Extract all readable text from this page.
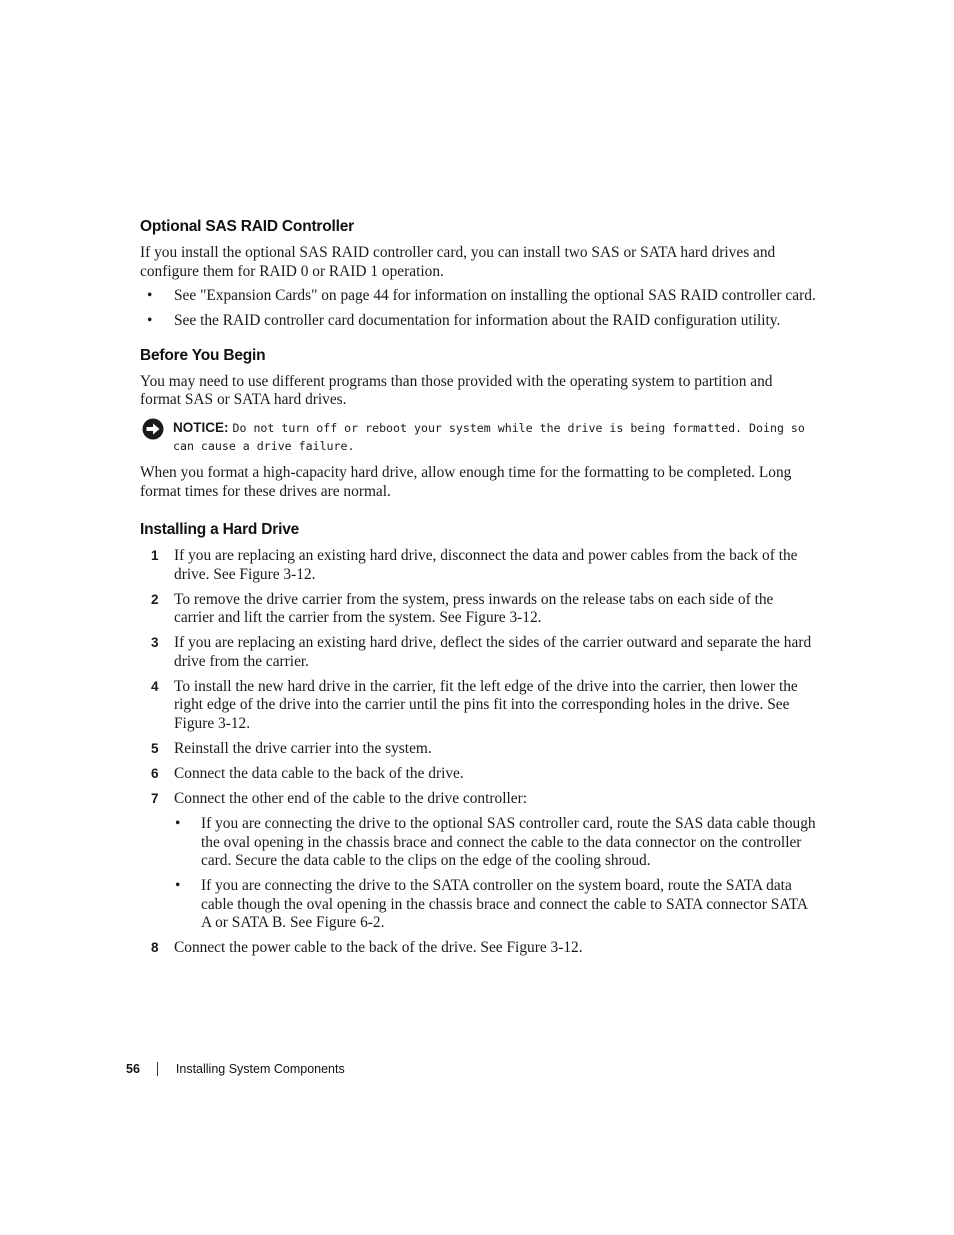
Optional SAS RAID Controller

If you install the optional SAS RAID controller card, you can install two SAS or SATA hard drives and configure them for RAID 0 or RAID 1 operation.

• See "Expansion Cards" on page 44 for information on installing the optional SAS RAID controller card.
• See the RAID controller card documentation for information about the RAID configuration utility.
Before You Begin

You may need to use different programs than those provided with the operating system to partition and format SAS or SATA hard drives.

NOTICE: Do not turn off or reboot your system while the drive is being formatted. Doing so can cause a drive failure.

When you format a high-capacity hard drive, allow enough time for the formatting to be completed. Long format times for these drives are normal.

Installing a Hard Drive
1 If you are replacing an existing hard drive, disconnect the data and power cables from the back of the drive. See Figure 3-12.
2 To remove the drive carrier from the system, press inwards on the release tabs on each side of the carrier and lift the carrier from the system. See Figure 3-12.
3 If you are replacing an existing hard drive, deflect the sides of the carrier outward and separate the hard drive from the carrier.
4 To install the new hard drive in the carrier, fit the left edge of the drive into the carrier, then lower the right edge of the drive into the carrier until the pins fit into the corresponding holes in the drive. See Figure 3-12.
5 Reinstall the drive carrier into the system.
6 Connect the data cable to the back of the drive.
7 Connect the other end of the cable to the drive controller:
• If you are connecting the drive to the optional SAS controller card, route the SAS data cable though the oval opening in the chassis brace and connect the cable to the data connector on the controller card. Secure the data cable to the clips on the edge of the cooling shroud.
• If you are connecting the drive to the SATA controller on the system board, route the SATA data cable though the oval opening in the chassis brace and connect the cable to SATA connector SATA A or SATA B. See Figure 6-2.
8 Connect the power cable to the back of the drive. See Figure 3-12.
56	Installing System Components
